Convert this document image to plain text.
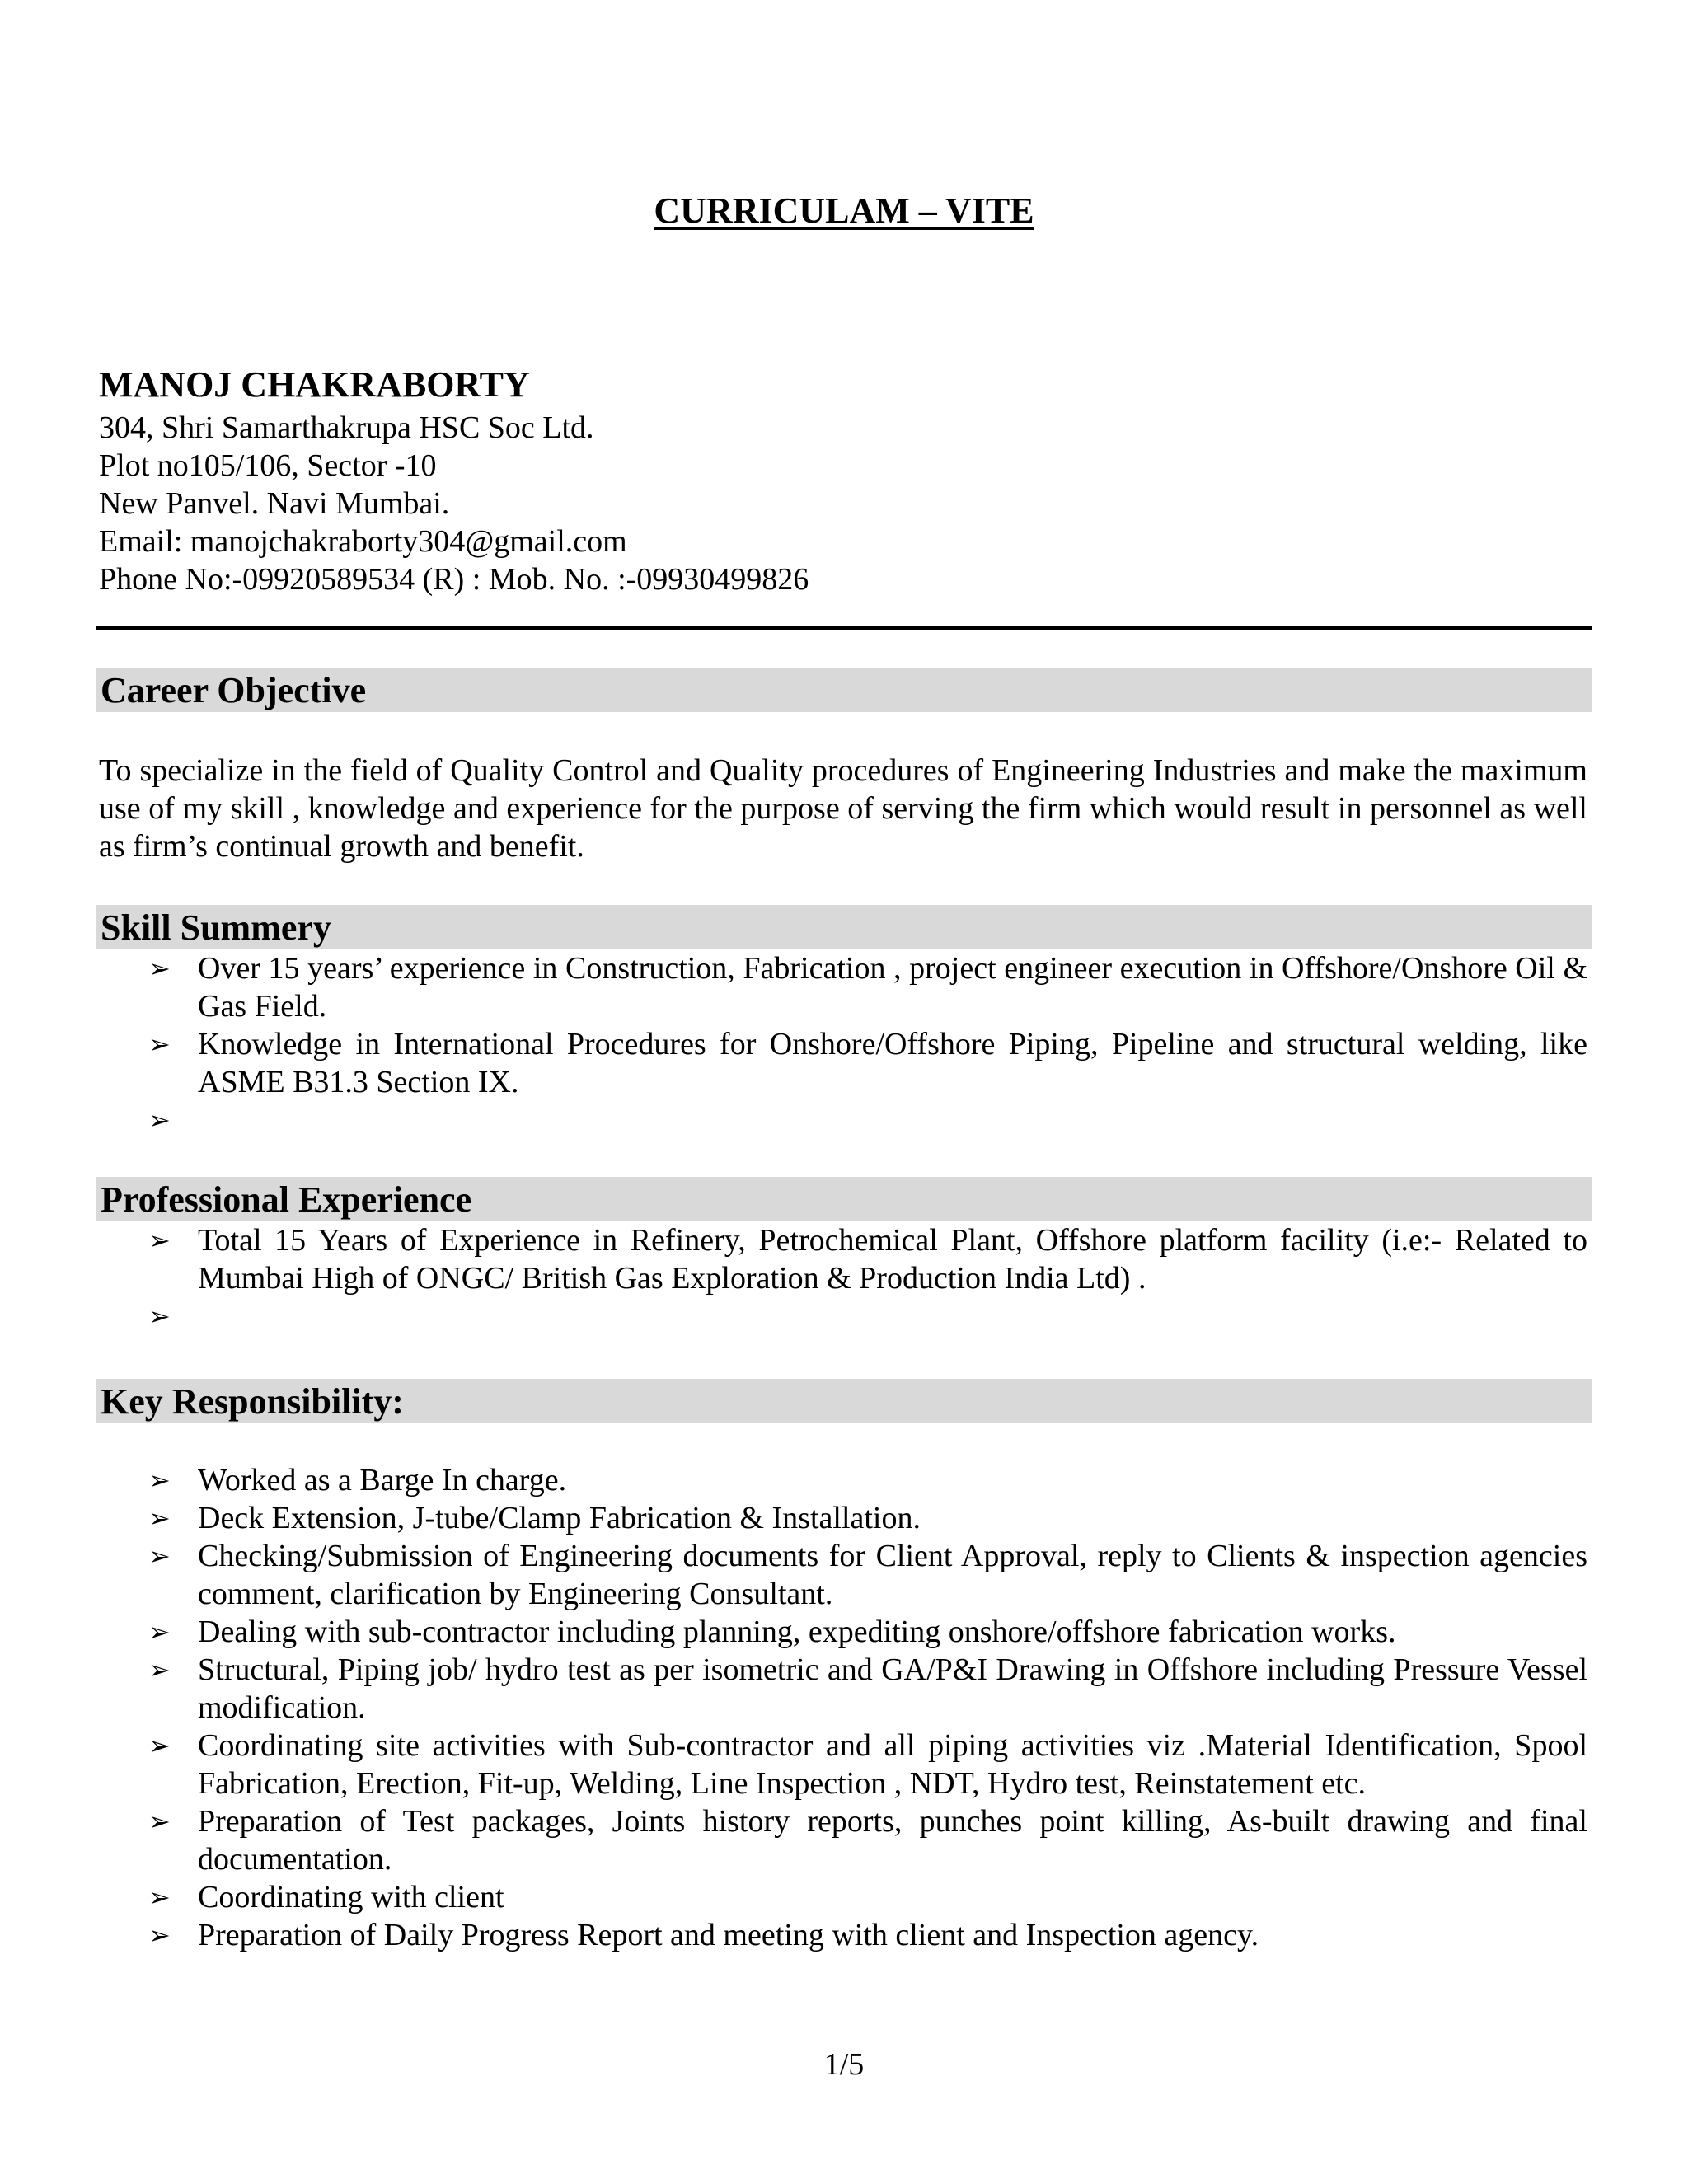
CURRICULAM – VITE
MANOJ CHAKRABORTY
304, Shri Samarthakrupa HSC Soc Ltd.
Plot no105/106, Sector -10
New Panvel. Navi Mumbai.
Email: manojchakraborty304@gmail.com
Phone No:-09920589534 (R) : Mob. No. :-09930499826
Career Objective

To specialize in the field of Quality Control and Quality procedures of Engineering Industries and make the maximum use of my skill , knowledge and experience for the purpose of serving the firm which would result in personnel as well as firm’s continual growth and benefit.

Skill Summery
➢ Over 15 years’ experience in Construction, Fabrication , project engineer execution in Offshore/Onshore Oil & Gas Field.
➢ Knowledge in International Procedures for Onshore/Offshore Piping, Pipeline and structural welding, like ASME B31.3 Section IX.
➢
Professional Experience
➢ Total 15 Years of Experience in Refinery, Petrochemical Plant, Offshore platform facility (i.e:- Related to Mumbai High of ONGC/ British Gas Exploration & Production India Ltd) .
➢
Key Responsibility:
➢ Worked as a Barge In charge.
➢ Deck Extension, J-tube/Clamp Fabrication & Installation.
➢ Checking/Submission of Engineering documents for Client Approval, reply to Clients & inspection agencies comment, clarification by Engineering Consultant.
➢ Dealing with sub-contractor including planning, expediting onshore/offshore fabrication works.
➢ Structural, Piping job/ hydro test as per isometric and GA/P&I Drawing in Offshore including Pressure Vessel modification.
➢ Coordinating site activities with Sub-contractor and all piping activities viz .Material Identification, Spool Fabrication, Erection, Fit-up, Welding, Line Inspection , NDT, Hydro test, Reinstatement etc.
➢ Preparation of Test packages, Joints history reports, punches point killing, As-built drawing and final documentation.
➢ Coordinating with client
➢ Preparation of Daily Progress Report and meeting with client and Inspection agency.
1/5
